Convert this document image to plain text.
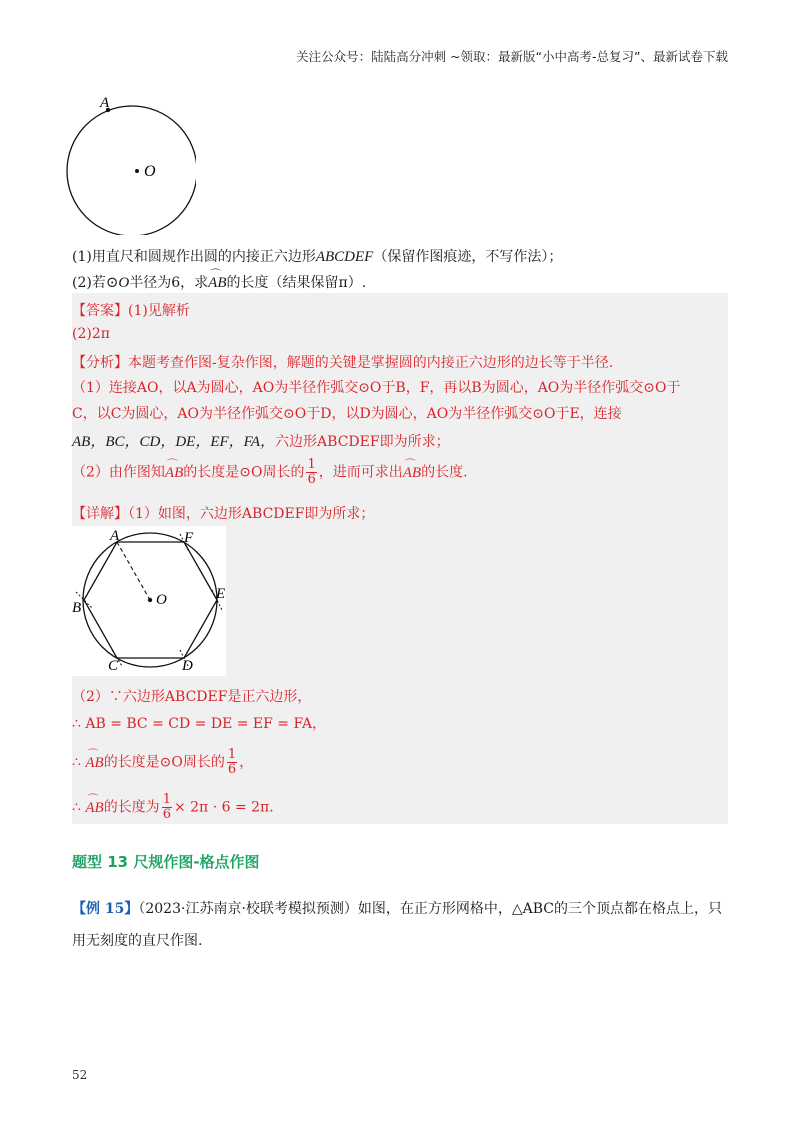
关注公众号：陆陆高分冲刺 ~领取：最新版“小中高考-总复习”、最新试卷下载
A
O
(1)用直尺和圆规作出圆的内接正六边形ABCDEF（保留作图痕迹，不写作法）；
(2)若⊙O半径为6，求⌒ AB的长度（结果保留π）.
【答案】(1)见解析
(2)2π
【分析】本题考查作图-复杂作图，解题的关键是掌握圆的内接正六边形的边长等于半径.
（1）连接AO，以A为圆心，AO为半径作弧交⊙O于B，F，再以B为圆心，AO为半径作弧交⊙O于
C，以C为圆心，AO为半径作弧交⊙O于D，以D为圆心，AO为半径作弧交⊙O于E，连接
AB，BC，CD，DE，EF，FA，六边形ABCDEF即为所求；
（2）由作图知⌒ AB的长度是⊙O周长的 $\frac{1}{6}$ ，进而可求出⌒ AB的长度.
【详解】（1）如图，六边形ABCDEF即为所求；
A	F
E
D
C
B	O
（2）∵六边形ABCDEF是正六边形，
∴ AB = BC = CD = DE = EF = FA，
∴ ⌒ AB的长度是⊙O周长的 $\frac{1}{6}$ ，
∴ ⌒ AB的长度为 $\frac{1}{6} \times 2\pi \cdot 6 = 2\pi$.
题型 13 尺规作图-格点作图
【例 15】（2023·江苏南京·校联考模拟预测）如图，在正方形网格中，△ABC的三个顶点都在格点上，只
用无刻度的直尺作图.
52
